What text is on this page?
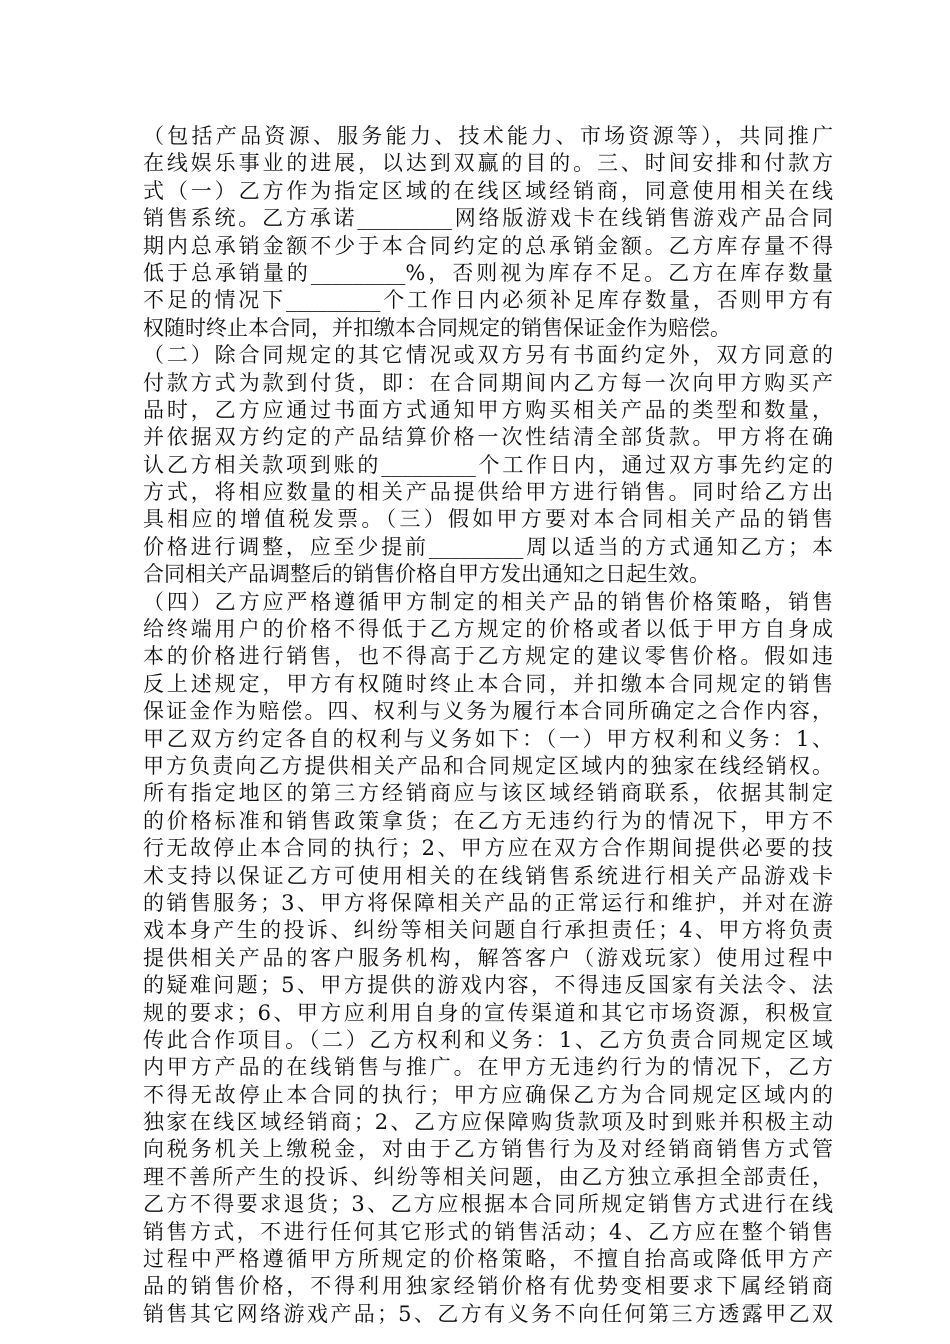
（包括产品资源、服务能力、技术能力、市场资源等），共同推广
在线娱乐事业的进展，以达到双赢的目的。三、时间安排和付款方
式（一）乙方作为指定区域的在线区域经销商，同意使用相关在线
销售系统。乙方承诺_________网络版游戏卡在线销售游戏产品合同
期内总承销金额不少于本合同约定的总承销金额。乙方库存量不得
低于总承销量的_________%，否则视为库存不足。乙方在库存数量
不足的情况下_________个工作日内必须补足库存数量，否则甲方有
权随时终止本合同，并扣缴本合同规定的销售保证金作为赔偿。
（二）除合同规定的其它情况或双方另有书面约定外，双方同意的
付款方式为款到付货，即：在合同期间内乙方每一次向甲方购买产
品时，乙方应通过书面方式通知甲方购买相关产品的类型和数量，
并依据双方约定的产品结算价格一次性结清全部货款。甲方将在确
认乙方相关款项到账的_________个工作日内，通过双方事先约定的
方式，将相应数量的相关产品提供给甲方进行销售。同时给乙方出
具相应的增值税发票。（三）假如甲方要对本合同相关产品的销售
价格进行调整，应至少提前_________周以适当的方式通知乙方；本
合同相关产品调整后的销售价格自甲方发出通知之日起生效。
（四）乙方应严格遵循甲方制定的相关产品的销售价格策略，销售
给终端用户的价格不得低于乙方规定的价格或者以低于甲方自身成
本的价格进行销售，也不得高于乙方规定的建议零售价格。假如违
反上述规定，甲方有权随时终止本合同，并扣缴本合同规定的销售
保证金作为赔偿。四、权利与义务为履行本合同所确定之合作内容，
甲乙双方约定各自的权利与义务如下：（一）甲方权利和义务：1、
甲方负责向乙方提供相关产品和合同规定区域内的独家在线经销权。
所有指定地区的第三方经销商应与该区域经销商联系，依据其制定
的价格标准和销售政策拿货；在乙方无违约行为的情况下，甲方不
行无故停止本合同的执行；2、甲方应在双方合作期间提供必要的技
术支持以保证乙方可使用相关的在线销售系统进行相关产品游戏卡
的销售服务；3、甲方将保障相关产品的正常运行和维护，并对在游
戏本身产生的投诉、纠纷等相关问题自行承担责任；4、甲方将负责
提供相关产品的客户服务机构，解答客户（游戏玩家）使用过程中
的疑难问题；5、甲方提供的游戏内容，不得违反国家有关法令、法
规的要求；6、甲方应利用自身的宣传渠道和其它市场资源，积极宣
传此合作项目。（二）乙方权利和义务：1、乙方负责合同规定区域
内甲方产品的在线销售与推广。在甲方无违约行为的情况下，乙方
不得无故停止本合同的执行；甲方应确保乙方为合同规定区域内的
独家在线区域经销商；2、乙方应保障购货款项及时到账并积极主动
向税务机关上缴税金，对由于乙方销售行为及对经销商销售方式管
理不善所产生的投诉、纠纷等相关问题，由乙方独立承担全部责任，
乙方不得要求退货；3、乙方应根据本合同所规定销售方式进行在线
销售方式，不进行任何其它形式的销售活动；4、乙方应在整个销售
过程中严格遵循甲方所规定的价格策略，不擅自抬高或降低甲方产
品的销售价格，不得利用独家经销价格有优势变相要求下属经销商
销售其它网络游戏产品；5、乙方有义务不向任何第三方透露甲乙双
